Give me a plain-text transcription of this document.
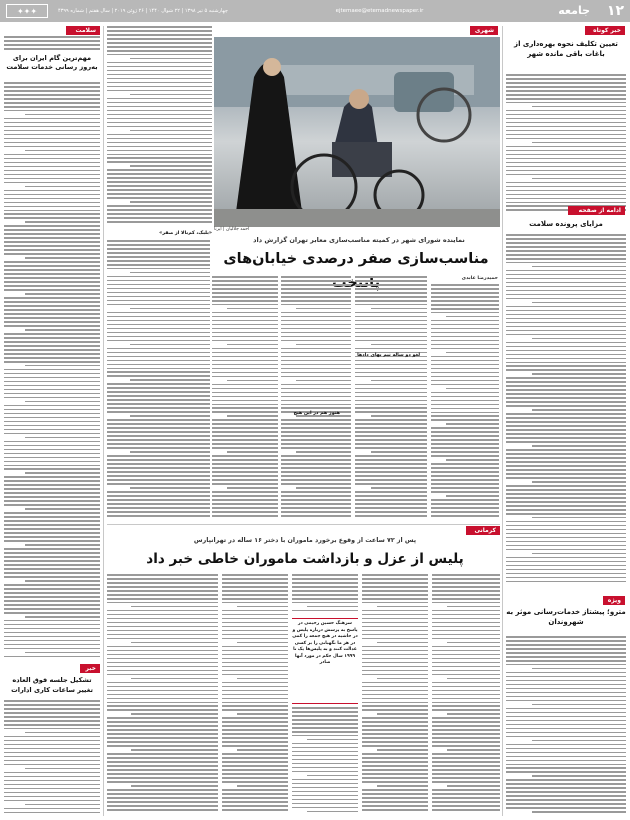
۱۲
جامعه
ejtemaee@etemadnewspaper.ir
چهارشنبه ۵ تیر ۱۳۹۸ | ۲۲ شوال ۱۴۴۰ | ۲۶ ژوئن ۲۰۱۹ | سال هفتم | شماره ۴۳۹۹
✦✦✦
خبر کوتاه
تعیین تکلیف نحوه بهره‌داری از باغات باقی مانده شهر
ادامه از صفحه اول
مزایای پرونده سلامت
ویژه
مترو؛ پیشتاز خدمات‌رسانی موثر به شهروندان
شهری
احمد جلالیان | ایرنا
نماینده شورای شهر در کمیته مناسب‌سازی معابر تهران گزارش داد
مناسب‌سازی صفر درصدی خیابان‌های
حمیدرضا عابدی
لغو دو ساله نیم بهای دادها
هنوز هم در این هیچ
«بلبک، کم‌بالا از صفر»
کرمانی روز
پس از ۷۲ ساعت از وقوع برخورد ماموران با دختر ۱۶ ساله در تهرانپارس
پلیس از عزل و بازداشت ماموران خاطی خبر داد
سرهنگ حسین رحیمی در پاسخ به پرسش درباره پلیس و در حاشیه در هیچ جمعه را کمی در هر ما نگهبانی را بر کسی عدالت کنند و به پلیس‌ها یک تا ۱۹۹۹ سال حکم در مورد آنها صادر
سلامت
مهم‌ترین گام ایران برای به‌روز رسانی خدمات سلامت
خبر
تشکیل جلسه فوق العاده تغییر ساعات کاری ادارات
